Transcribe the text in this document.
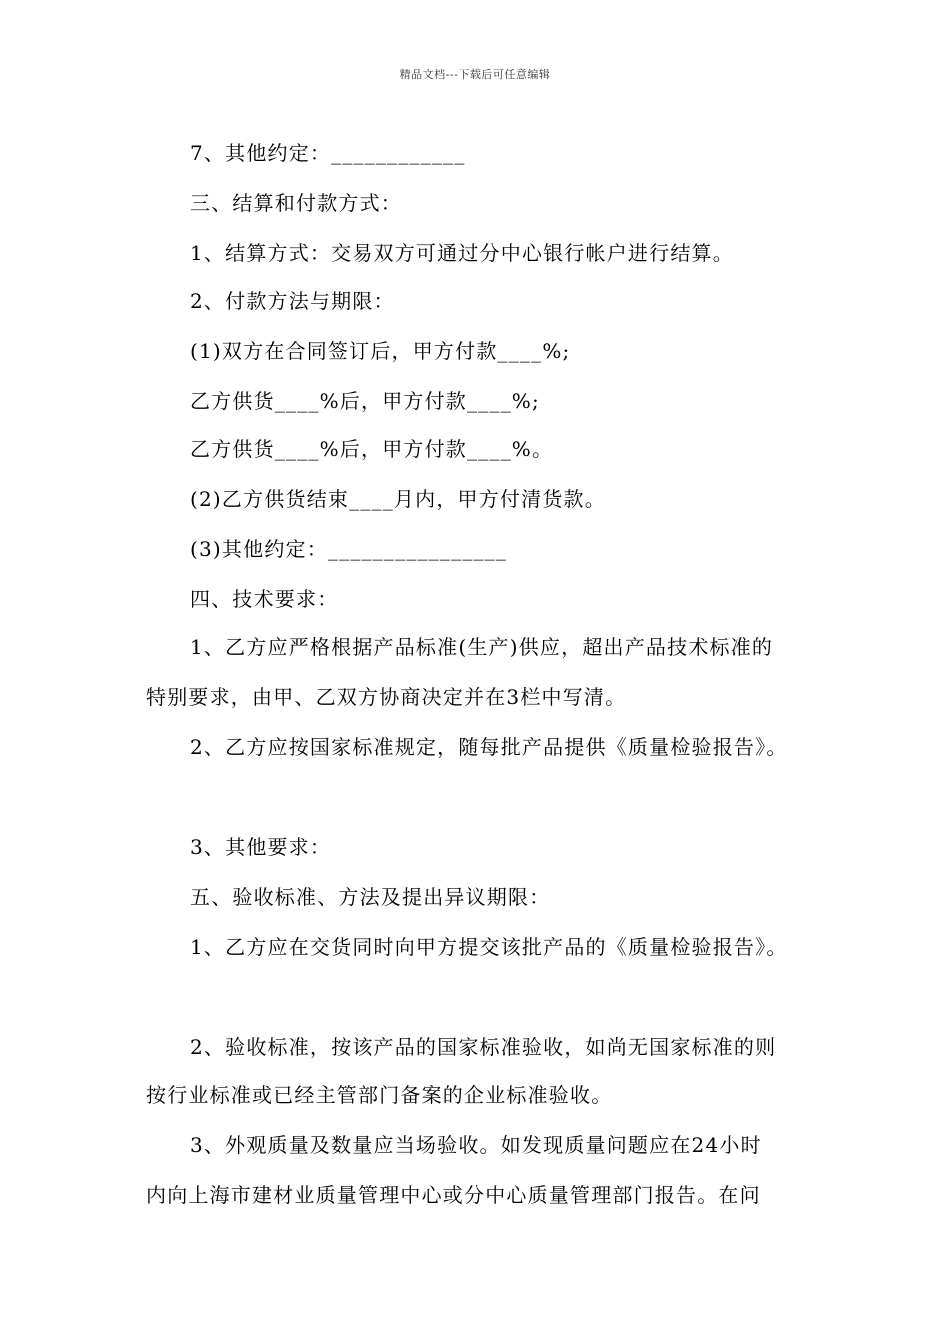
精品文档---下载后可任意编辑
7、其他约定：____________
三、结算和付款方式：
1、结算方式：交易双方可通过分中心银行帐户进行结算。
2、付款方法与期限：
(1)双方在合同签订后，甲方付款____%;
乙方供货____%后，甲方付款____%;
乙方供货____%后，甲方付款____%。
(2)乙方供货结束____月内，甲方付清货款。
(3)其他约定：________________
四、技术要求：
1、乙方应严格根据产品标准(生产)供应，超出产品技术标准的
特别要求，由甲、乙双方协商决定并在3栏中写清。
2、乙方应按国家标准规定，随每批产品提供《质量检验报告》。
3、其他要求：
五、验收标准、方法及提出异议期限：
1、乙方应在交货同时向甲方提交该批产品的《质量检验报告》。
2、验收标准，按该产品的国家标准验收，如尚无国家标准的则
按行业标准或已经主管部门备案的企业标准验收。
3、外观质量及数量应当场验收。如发现质量问题应在24小时
内向上海市建材业质量管理中心或分中心质量管理部门报告。在问
